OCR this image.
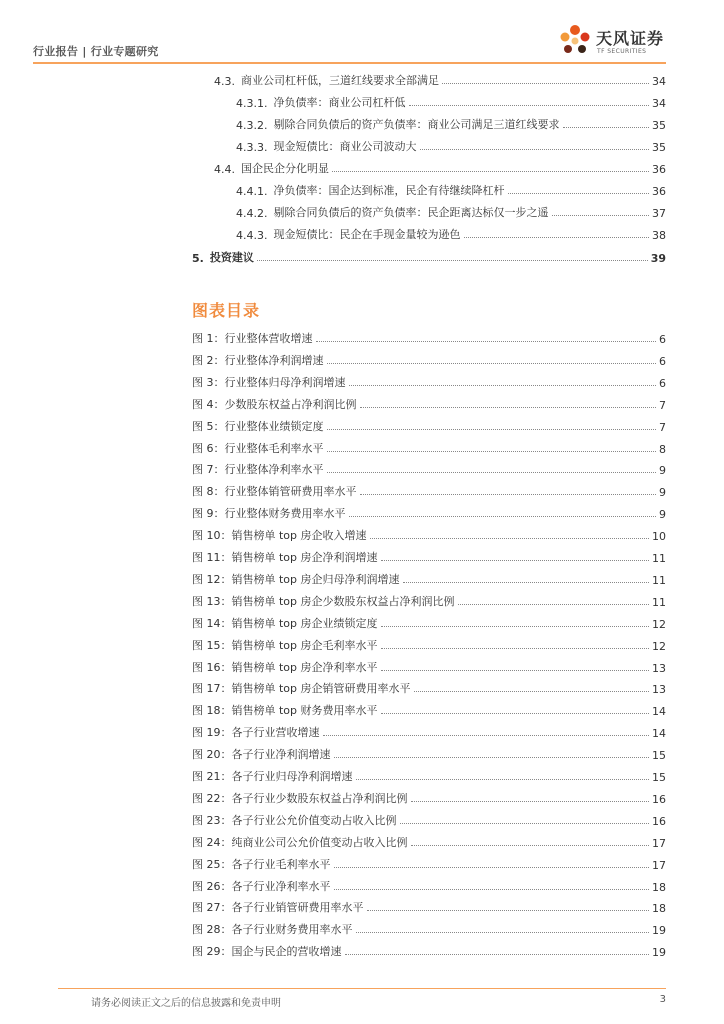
行业报告 | 行业专题研究
天风证券
TF SECURITIES
4.3. 商业公司杠杆低，三道红线要求全部满足	34
4.3.1. 净负债率：商业公司杠杆低	34
4.3.2. 剔除合同负债后的资产负债率：商业公司满足三道红线要求	35
4.3.3. 现金短债比：商业公司波动大	35
4.4. 国企民企分化明显	36
4.4.1. 净负债率：国企达到标准，民企有待继续降杠杆	36
4.4.2. 剔除合同负债后的资产负债率：民企距离达标仅一步之遥	37
4.4.3. 现金短债比：民企在手现金量较为逊色	38
5. 投资建议	39
图表目录
图 1： 行业整体营收增速	6
图 2： 行业整体净利润增速	6
图 3： 行业整体归母净利润增速	6
图 4： 少数股东权益占净利润比例	7
图 5： 行业整体业绩锁定度	7
图 6： 行业整体毛利率水平	8
图 7： 行业整体净利率水平	9
图 8： 行业整体销管研费用率水平	9
图 9： 行业整体财务费用率水平	9
图 10： 销售榜单 top 房企收入增速	10
图 11： 销售榜单 top 房企净利润增速	11
图 12： 销售榜单 top 房企归母净利润增速	11
图 13： 销售榜单 top 房企少数股东权益占净利润比例	11
图 14： 销售榜单 top 房企业绩锁定度	12
图 15： 销售榜单 top 房企毛利率水平	12
图 16： 销售榜单 top 房企净利率水平	13
图 17： 销售榜单 top 房企销管研费用率水平	13
图 18： 销售榜单 top 财务费用率水平	14
图 19： 各子行业营收增速	14
图 20： 各子行业净利润增速	15
图 21： 各子行业归母净利润增速	15
图 22： 各子行业少数股东权益占净利润比例	16
图 23： 各子行业公允价值变动占收入比例	16
图 24： 纯商业公司公允价值变动占收入比例	17
图 25： 各子行业毛利率水平	17
图 26： 各子行业净利率水平	18
图 27： 各子行业销管研费用率水平	18
图 28： 各子行业财务费用率水平	19
图 29： 国企与民企的营收增速	19
请务必阅读正文之后的信息披露和免责申明	3
